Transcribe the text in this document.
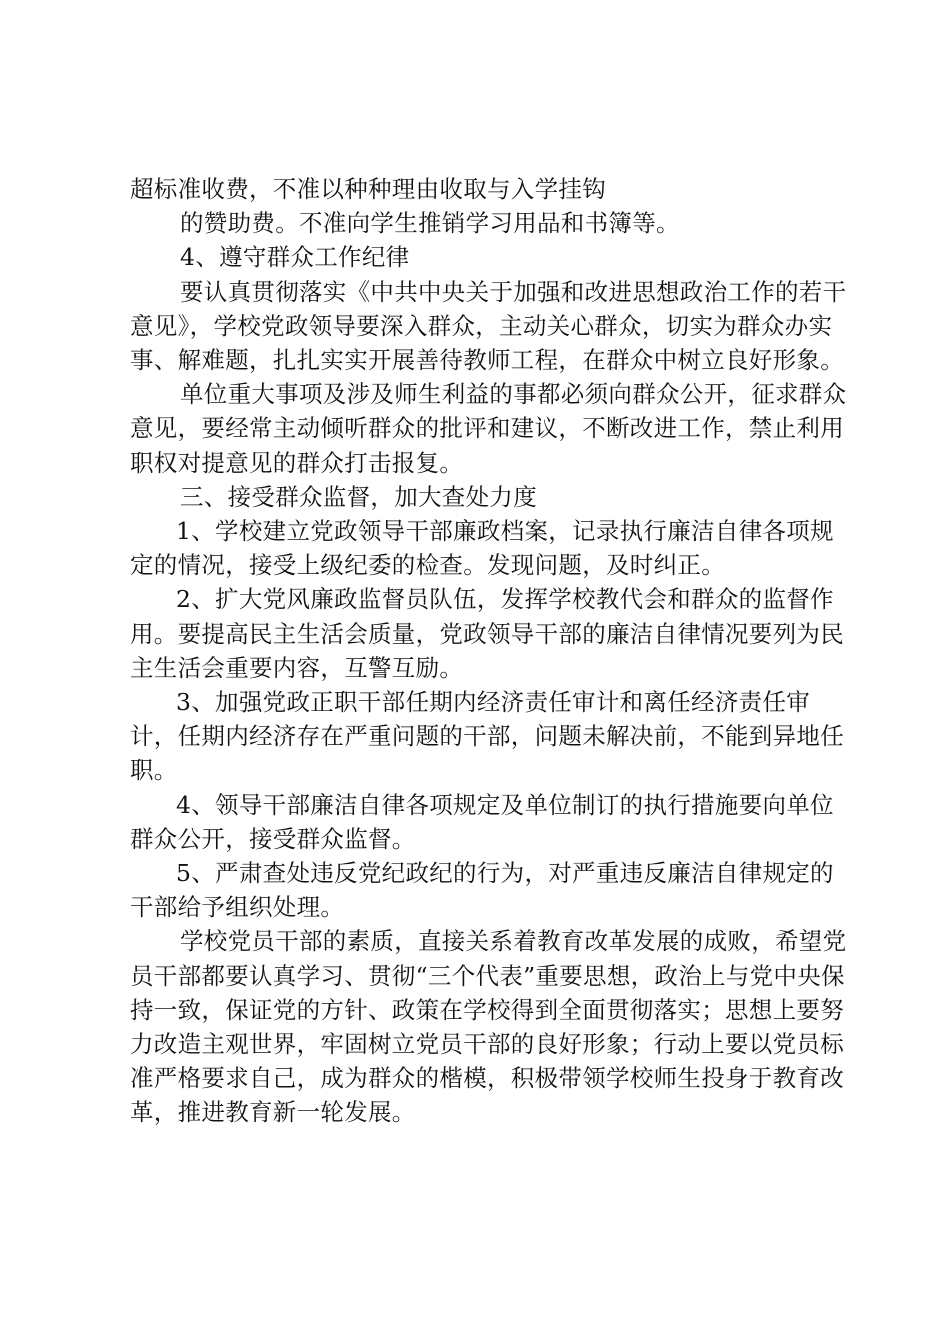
超标准收费，不准以种种理由收取与入学挂钩

的赞助费。不准向学生推销学习用品和书簿等。

4、遵守群众工作纪律

要认真贯彻落实《中共中央关于加强和改进思想政治工作的若干意见》，学校党政领导要深入群众，主动关心群众，切实为群众办实事、解难题，扎扎实实开展善待教师工程，在群众中树立良好形象。

单位重大事项及涉及师生利益的事都必须向群众公开，征求群众意见，要经常主动倾听群众的批评和建议，不断改进工作，禁止利用职权对提意见的群众打击报复。

三、接受群众监督，加大查处力度

1、学校建立党政领导干部廉政档案，记录执行廉洁自律各项规定的情况，接受上级纪委的检查。发现问题，及时纠正。

2、扩大党风廉政监督员队伍，发挥学校教代会和群众的监督作用。要提高民主生活会质量，党政领导干部的廉洁自律情况要列为民主生活会重要内容，互警互励。

3、加强党政正职干部任期内经济责任审计和离任经济责任审计，任期内经济存在严重问题的干部，问题未解决前，不能到异地任职。

4、领导干部廉洁自律各项规定及单位制订的执行措施要向单位群众公开，接受群众监督。

5、严肃查处违反党纪政纪的行为，对严重违反廉洁自律规定的干部给予组织处理。

学校党员干部的素质，直接关系着教育改革发展的成败，希望党员干部都要认真学习、贯彻“三个代表”重要思想，政治上与党中央保持一致，保证党的方针、政策在学校得到全面贯彻落实；思想上要努力改造主观世界，牢固树立党员干部的良好形象；行动上要以党员标准严格要求自己，成为群众的楷模，积极带领学校师生投身于教育改革，推进教育新一轮发展。
